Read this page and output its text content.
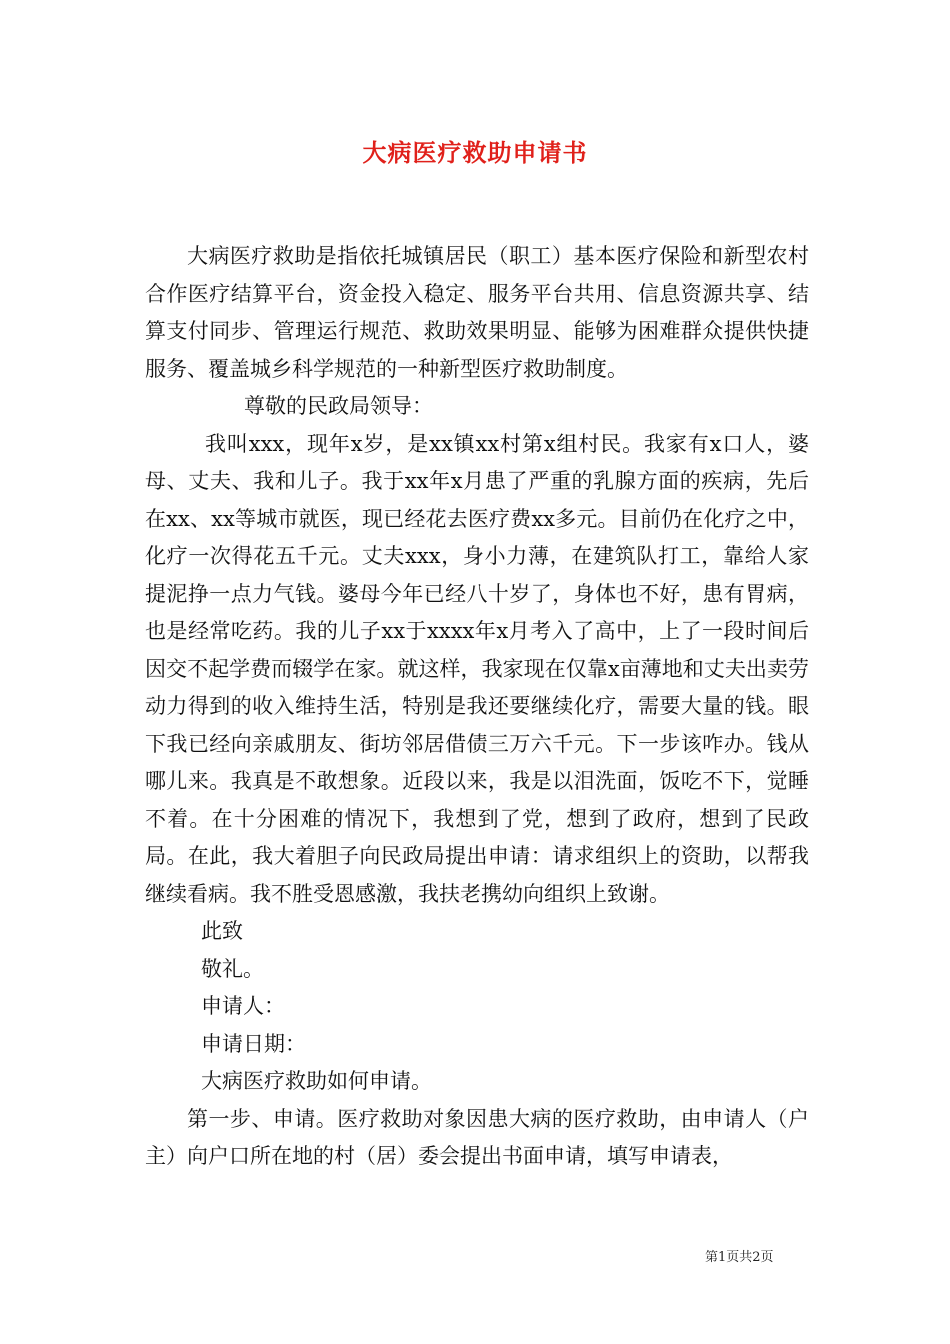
大病医疗救助申请书

大病医疗救助是指依托城镇居民（职工）基本医疗保险和新型农村合作医疗结算平台，资金投入稳定、服务平台共用、信息资源共享、结算支付同步、管理运行规范、救助效果明显、能够为困难群众提供快捷服务、覆盖城乡科学规范的一种新型医疗救助制度。

尊敬的民政局领导：

我叫xxx，现年x岁，是xx镇xx村第x组村民。我家有x口人，婆母、丈夫、我和儿子。我于xx年x月患了严重的乳腺方面的疾病，先后在xx、xx等城市就医，现已经花去医疗费xx多元。目前仍在化疗之中，化疗一次得花五千元。丈夫xxx，身小力薄，在建筑队打工，靠给人家提泥挣一点力气钱。婆母今年已经八十岁了，身体也不好，患有胃病，也是经常吃药。我的儿子xx于xxxx年x月考入了高中，上了一段时间后因交不起学费而辍学在家。就这样，我家现在仅靠x亩薄地和丈夫出卖劳动力得到的收入维持生活，特别是我还要继续化疗，需要大量的钱。眼下我已经向亲戚朋友、街坊邻居借债三万六千元。下一步该咋办。钱从哪儿来。我真是不敢想象。近段以来，我是以泪洗面，饭吃不下，觉睡不着。在十分困难的情况下，我想到了党，想到了政府，想到了民政局。在此，我大着胆子向民政局提出申请：请求组织上的资助，以帮我继续看病。我不胜受恩感激，我扶老携幼向组织上致谢。

此致

敬礼。

申请人：

申请日期：

大病医疗救助如何申请。

第一步、申请。医疗救助对象因患大病的医疗救助，由申请人（户主）向户口所在地的村（居）委会提出书面申请，填写申请表，

第1页共2页
